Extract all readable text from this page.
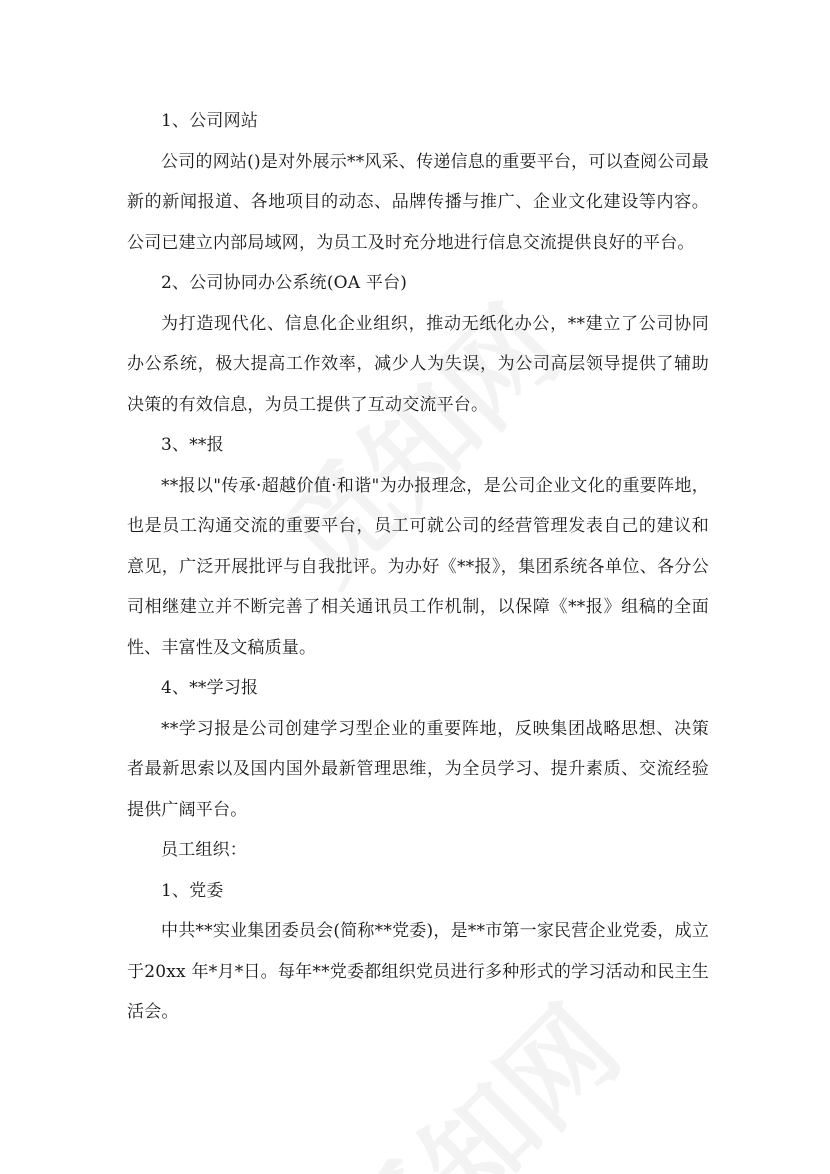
1、公司网站

公司的网站()是对外展示**风采、传递信息的重要平台，可以查阅公司最新的新闻报道、各地项目的动态、品牌传播与推广、企业文化建设等内容。公司已建立内部局域网，为员工及时充分地进行信息交流提供良好的平台。

2、公司协同办公系统(OA 平台)

为打造现代化、信息化企业组织，推动无纸化办公，**建立了公司协同办公系统，极大提高工作效率，减少人为失误，为公司高层领导提供了辅助决策的有效信息，为员工提供了互动交流平台。

3、**报

**报以"传承·超越价值·和谐"为办报理念，是公司企业文化的重要阵地，也是员工沟通交流的重要平台，员工可就公司的经营管理发表自己的建议和意见，广泛开展批评与自我批评。为办好《**报》，集团系统各单位、各分公司相继建立并不断完善了相关通讯员工作机制，以保障《**报》组稿的全面性、丰富性及文稿质量。

4、**学习报

**学习报是公司创建学习型企业的重要阵地，反映集团战略思想、决策者最新思索以及国内国外最新管理思维，为全员学习、提升素质、交流经验提供广阔平台。

员工组织：

1、党委

中共**实业集团委员会(简称**党委)，是**市第一家民营企业党委，成立于20xx 年*月*日。每年**党委都组织党员进行多种形式的学习活动和民主生活会。
